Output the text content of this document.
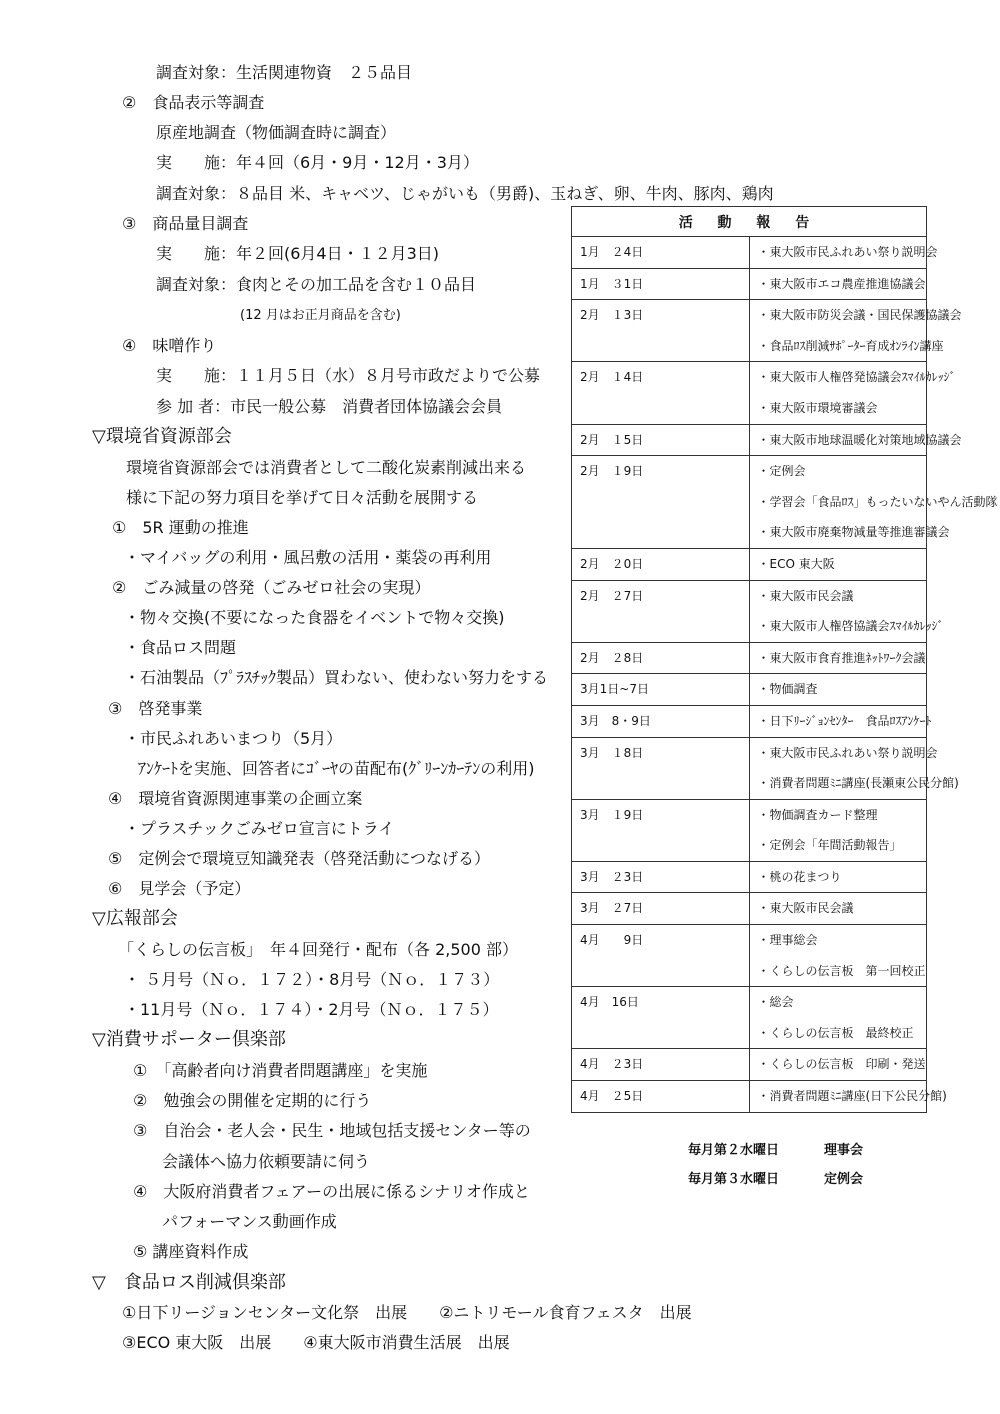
調査対象：生活関連物資　２５品目
②　食品表示等調査
原産地調査（物価調査時に調査）
実　　施：年４回（6月・9月・12月・3月）
調査対象：８品目 米、キャベツ、じゃがいも（男爵)、玉ねぎ、卵、牛肉、豚肉、鶏肉
③　商品量目調査
実　　施：年２回(6月4日・１２月3日)
調査対象：食肉とその加工品を含む１０品目
(12 月はお正月商品を含む)
④　味噌作り
実　　施：１１月５日（水）８月号市政だよりで公募
参 加 者：市民一般公募　消費者団体協議会会員
▽環境省資源部会
環境省資源部会では消費者として二酸化炭素削減出来る
様に下記の努力項目を挙げて日々活動を展開する
①　5R 運動の推進
・マイバッグの利用・風呂敷の活用・薬袋の再利用
②　ごみ減量の啓発（ごみゼロ社会の実現）
・物々交換(不要になった食器をイベントで物々交換)
・食品ロス問題
・石油製品（ﾌﾟﾗｽﾁｯｸ製品）買わない、使わない努力をする
③　啓発事業
・市民ふれあいまつり（5月）
ｱﾝｹｰﾄを実施、回答者にｺﾞｰﾔの苗配布(ｸﾞﾘｰﾝｶｰﾃﾝの利用)
④　環境省資源関連事業の企画立案
・プラスチックごみゼロ宣言にトライ
⑤　定例会で環境豆知識発表（啓発活動につなげる）
⑥　見学会（予定）
▽広報部会
「くらしの伝言板」　年４回発行・配布（各 2,500 部）
・ ５月号（Ｎｏ．１７２）・8月号（Ｎｏ．１７３）
・11月号（Ｎｏ．１７４）・2月号（Ｎｏ．１７５）
▽消費サポーター倶楽部
①　「高齢者向け消費者問題講座」を実施
②　勉強会の開催を定期的に行う
③　自治会・老人会・民生・地域包括支援センター等の
会議体へ協力依頼要請に伺う
④　大阪府消費者フェアーの出展に係るシナリオ作成と
パフォーマンス動画作成
⑤ 講座資料作成
▽　食品ロス削減倶楽部
①日下リージョンセンター文化祭　出展　　②ニトリモール食育フェスタ　出展
③ECO 東大阪　出展　　④東大阪市消費生活展　出展
活 動 報 告	

1月　２4日	・東大阪市民ふれあい祭り説明会

1月　３1日	・東大阪市エコ農産推進協議会

2月　１3日	・東大阪市防災会議・国民保護協議会
・食品ﾛｽ削減ｻﾎﾟｰﾀｰ育成ｵﾝﾗｲﾝ講座

2月　１4日	・東大阪市人権啓発協議会ｽﾏｲﾙｶﾚｯｼﾞ
・東大阪市環境審議会

2月　１5日	・東大阪市地球温暖化対策地域協議会

2月　１9日	・定例会
・学習会「食品ﾛｽ」もったいないやん活動隊
・東大阪市廃棄物減量等推進審議会

2月　２0日	・ECO 東大阪

2月　２7日	・東大阪市民会議
・東大阪市人権啓協議会ｽﾏｲﾙｶﾚｯｼﾞ

2月　２8日	・東大阪市食育推進ﾈｯﾄﾜｰｸ会議

3月1日~7日	・物価調査

3月　8・9日	・日下ﾘｰｼﾞｮﾝｾﾝﾀｰ　食品ﾛｽｱﾝｹｰﾄ

3月　１8日	・東大阪市民ふれあい祭り説明会
・消費者問題ﾐﾆ講座(長瀬東公民分館)

3月　１9日	・物価調査カード整理
・定例会「年間活動報告」

3月　２3日	・桃の花まつり

3月　２7日	・東大阪市民会議

4月　　9日	・理事総会
・くらしの伝言板　第一回校正

4月　16日	・総会
・くらしの伝言板　最終校正

4月　２3日	・くらしの伝言板　印刷・発送

4月　２5日	・消費者問題ﾐﾆ講座(日下公民分館)
毎月第２水曜日	理事会
毎月第３水曜日	定例会
